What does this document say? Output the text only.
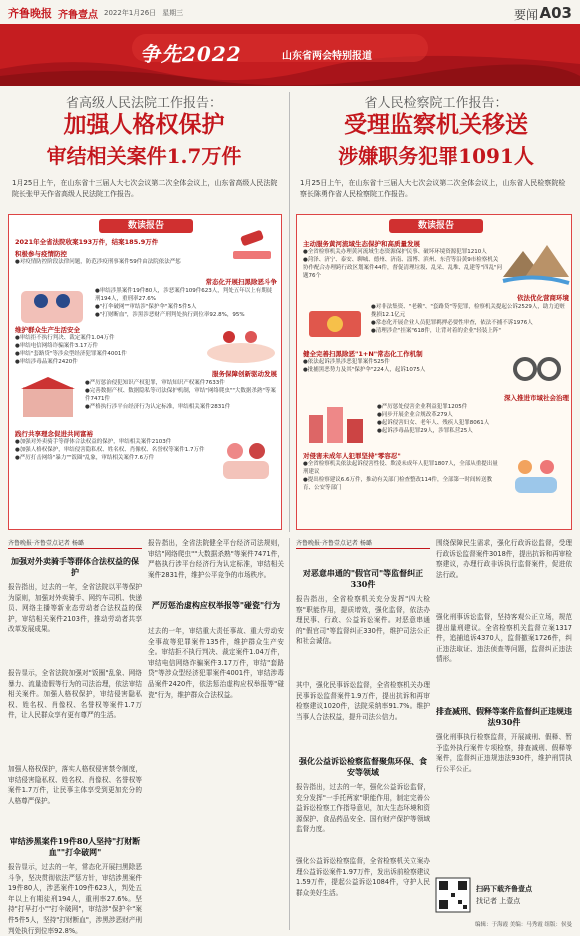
齐鲁晚报 齐鲁壹点 2022年1月26日 星期三	要闻 A03
争先2022	山东省两会特别报道
省高级人民法院工作报告：
加强人格权保护
审结相关案件1.7万件
1月25日上午，在山东省十三届人大七次会议第二次全体会议上，山东省高级人民法院院长张甲天作省高级人民法院工作报告。
省人民检察院工作报告：
受理监察机关移送
涉嫌职务犯罪1091人
1月25日上午，在山东省十三届人大七次会议第二次全体会议上，山东省人民检察院检察长陈勇作省人民检察院工作报告。
数读报告
2021年全省法院收案193万件，结案185.9万件
积极参与疫情防控
●对疫情防控阶段法律问题，防范涉疫刑事案件59件由法院依法严惩
常态化开展扫黑除恶斗争
●审结涉黑案件19件80人，涉恶案件109件623人，判处五年以上有期徒刑194人，重刑率27.6%
●"打伞破网""审结涉"保护伞"案件5件5人
●"打财断血"，涉黑涉恶财产刑判处执行到位率92.8%，95%
维护群众生产生活安全
●审结拒不执行判决、裁定案件1.04万件
●审结电信网络诈骗案件3.17万件
●审结"套路贷"等涉众型经济犯罪案件4001件
●审结涉毒品案件2420件
服务保障创新驱动发展
●严厉惩治侵犯知识产权犯罪，审结知识产权案件7633件
●完善数据产权、数据隐私等司法保护机制，审结"网络爬虫""大数据杀熟"等案件7471件
●严格执行涉平台经济行为认定标准，审结相关案件2831件
践行共享理念促进共同富裕
●加强对外卖骑手等群体合法权益的保护，审结相关案件2103件
●加强人格权保护，审结侵害隐私权、姓名权、肖像权、名誉权等案件1.7万件
●严厉打击网络"暴力""饭圈"乱象，审结相关案件7.6万件
数读报告
主动服务黄河流域生态保护和高质量发展
●全省检察机关办理黄河流域生态资源保护民事、破坏环境资源犯罪1210人
●菏泽、济宁、泰安、聊城、德州、济南、淄博、滨州、东营等沿黄9市检察机关协作配合办理跨行政区划案件44件，督促清理垃圾、乱采、乱堆、乱建等"四乱"问题76个
依法优化营商环境
●对非法集资、"老赖"、"套路贷"等犯罪，检察机关提起公诉2529人，助力追赃挽损12.1亿元
●常态化开展企业人员犯罪羁押必要性审查，依法不捕不诉1976人
●清理涉企"挂案"618件，让背对着的企业"轻装上阵"
健全完善扫黑除恶"1+N"常态化工作机制
●依法起诉涉黑涉恶犯罪案件525件
●批捕黑恶势力及其"保护伞"224人，起诉1075人
深入推进市域社会治理
●严厉惩处侵害企业利益犯罪1205件
●同步开展企业合规改革279人
●起诉侵害妇女、老年人、残疾人犯罪8061人
●起诉涉毒品犯罪29人，涉罪私营25人
对侵害未成年人犯罪坚持"零容忍"
●全省检察机关依法起诉侵害性侵、欺凌未成年人犯罪1807人，全部从重提出量刑建议
●提出检察建议6.6万件，推动有关部门检查整改114件，全部第一时间转送教育、公安等部门
齐鲁晚报·齐鲁壹点记者 杨璐
加强对外卖骑手等群体合法权益的保护
报告指出，过去的一年，全省法院以平等保护为原则，加强对外卖骑手、网约车司机、快递员、网络主播等新业态劳动者合法权益的保护，审结相关案件2103件，推动劳动者共享改革发展成果。
报告显示，全省法院加强对"饭圈"乱象、网络暴力、流量造假等行为的司法治理，依法审结相关案件。加强人格权保护，审结侵害隐私权、姓名权、肖像权、名誉权等案件1.7万件，让人民群众享有更有尊严的生活。
加强人格权保护，落实人格权侵害禁令制度，审结侵害隐私权、姓名权、肖像权、名誉权等案件1.7万件，让民事主体享受到更加充分的人格尊严保护。
审结涉黑案件19件80人坚持"打财断血""打伞破网"
报告显示，过去的一年，常态化开展扫黑除恶斗争，坚决贯彻依法严惩方针，审结涉黑案件19件80人，涉恶案件109件623人，判处五年以上有期徒刑194人，重刑率27.6%。坚持"打早打小""打伞破网"，审结涉"保护伞"案件5件5人，坚持"打财断血"，涉黑涉恶财产刑判处执行到位率92.8%。
报告指出，全省法院健全平台经济司法规则，审结"网络爬虫""大数据杀熟"等案件7471件，严格执行涉平台经济行为认定标准，审结相关案件2831件，维护公平竞争的市场秩序。
严厉惩治虚构应权举报等"碰瓷"行为
过去的一年，审结重大责任事故、重大劳动安全事故等犯罪案件135件，维护群众生产安全。审结拒不执行判决、裁定案件1.04万件，审结电信网络诈骗案件3.17万件，审结"套路贷"等涉众型经济犯罪案件4001件，审结涉毒品案件2420件，依法惩治虚构应权举报等"碰瓷"行为，维护群众合法权益。
齐鲁晚报·齐鲁壹点记者 杨璐
对恶意串通的"假官司"等监督纠正330件
报告指出，全省检察机关充分发挥"四大检察"职能作用，提质增效，强化监督，依法办理民事、行政、公益诉讼案件。对恶意串通的"假官司"等监督纠正330件，维护司法公正和社会诚信。
其中，强化民事诉讼监督，全省检察机关办理民事诉讼监督案件1.9万件，提出抗诉和再审检察建议1020件，法院采纳率91.7%。维护当事人合法权益，提升司法公信力。
强化公益诉讼检察监督聚焦环保、食安等领域
报告指出，过去的一年，强化公益诉讼监督，充分发挥"一手托两家"职能作用，制定完善公益诉讼检察工作指导意见，加大生态环境和资源保护、食品药品安全、国有财产保护等领域监督力度。
强化公益诉讼检察监督，全省检察机关立案办理公益诉讼案件1.97万件，发出诉前检察建议1.59万件，提起公益诉讼1084件，守护人民群众美好生活。
围绕保障民生需求，强化行政诉讼监督，受理行政诉讼监督案件3018件，提出抗诉和再审检察建议，办理行政非诉执行监督案件，促进依法行政。
强化刑事诉讼监督，坚持客观公正立场，规范提出量刑建议。全省检察机关监督立案1317件，追捕追诉4370人，监督撤案1726件，纠正违法取证、违法侦查等问题，监督纠正违法情形。
排查减刑、假释等案件监督纠正违规违法930件
强化刑事执行检察监督，开展减刑、假释、暂予监外执行案件专项检察，排查减刑、假释等案件，监督纠正违规违法930件，维护刑罚执行公平公正。
扫码下载齐鲁壹点
找记者 上壹点
编辑：于海霞 美编：马秀霞 组版：侯曼
